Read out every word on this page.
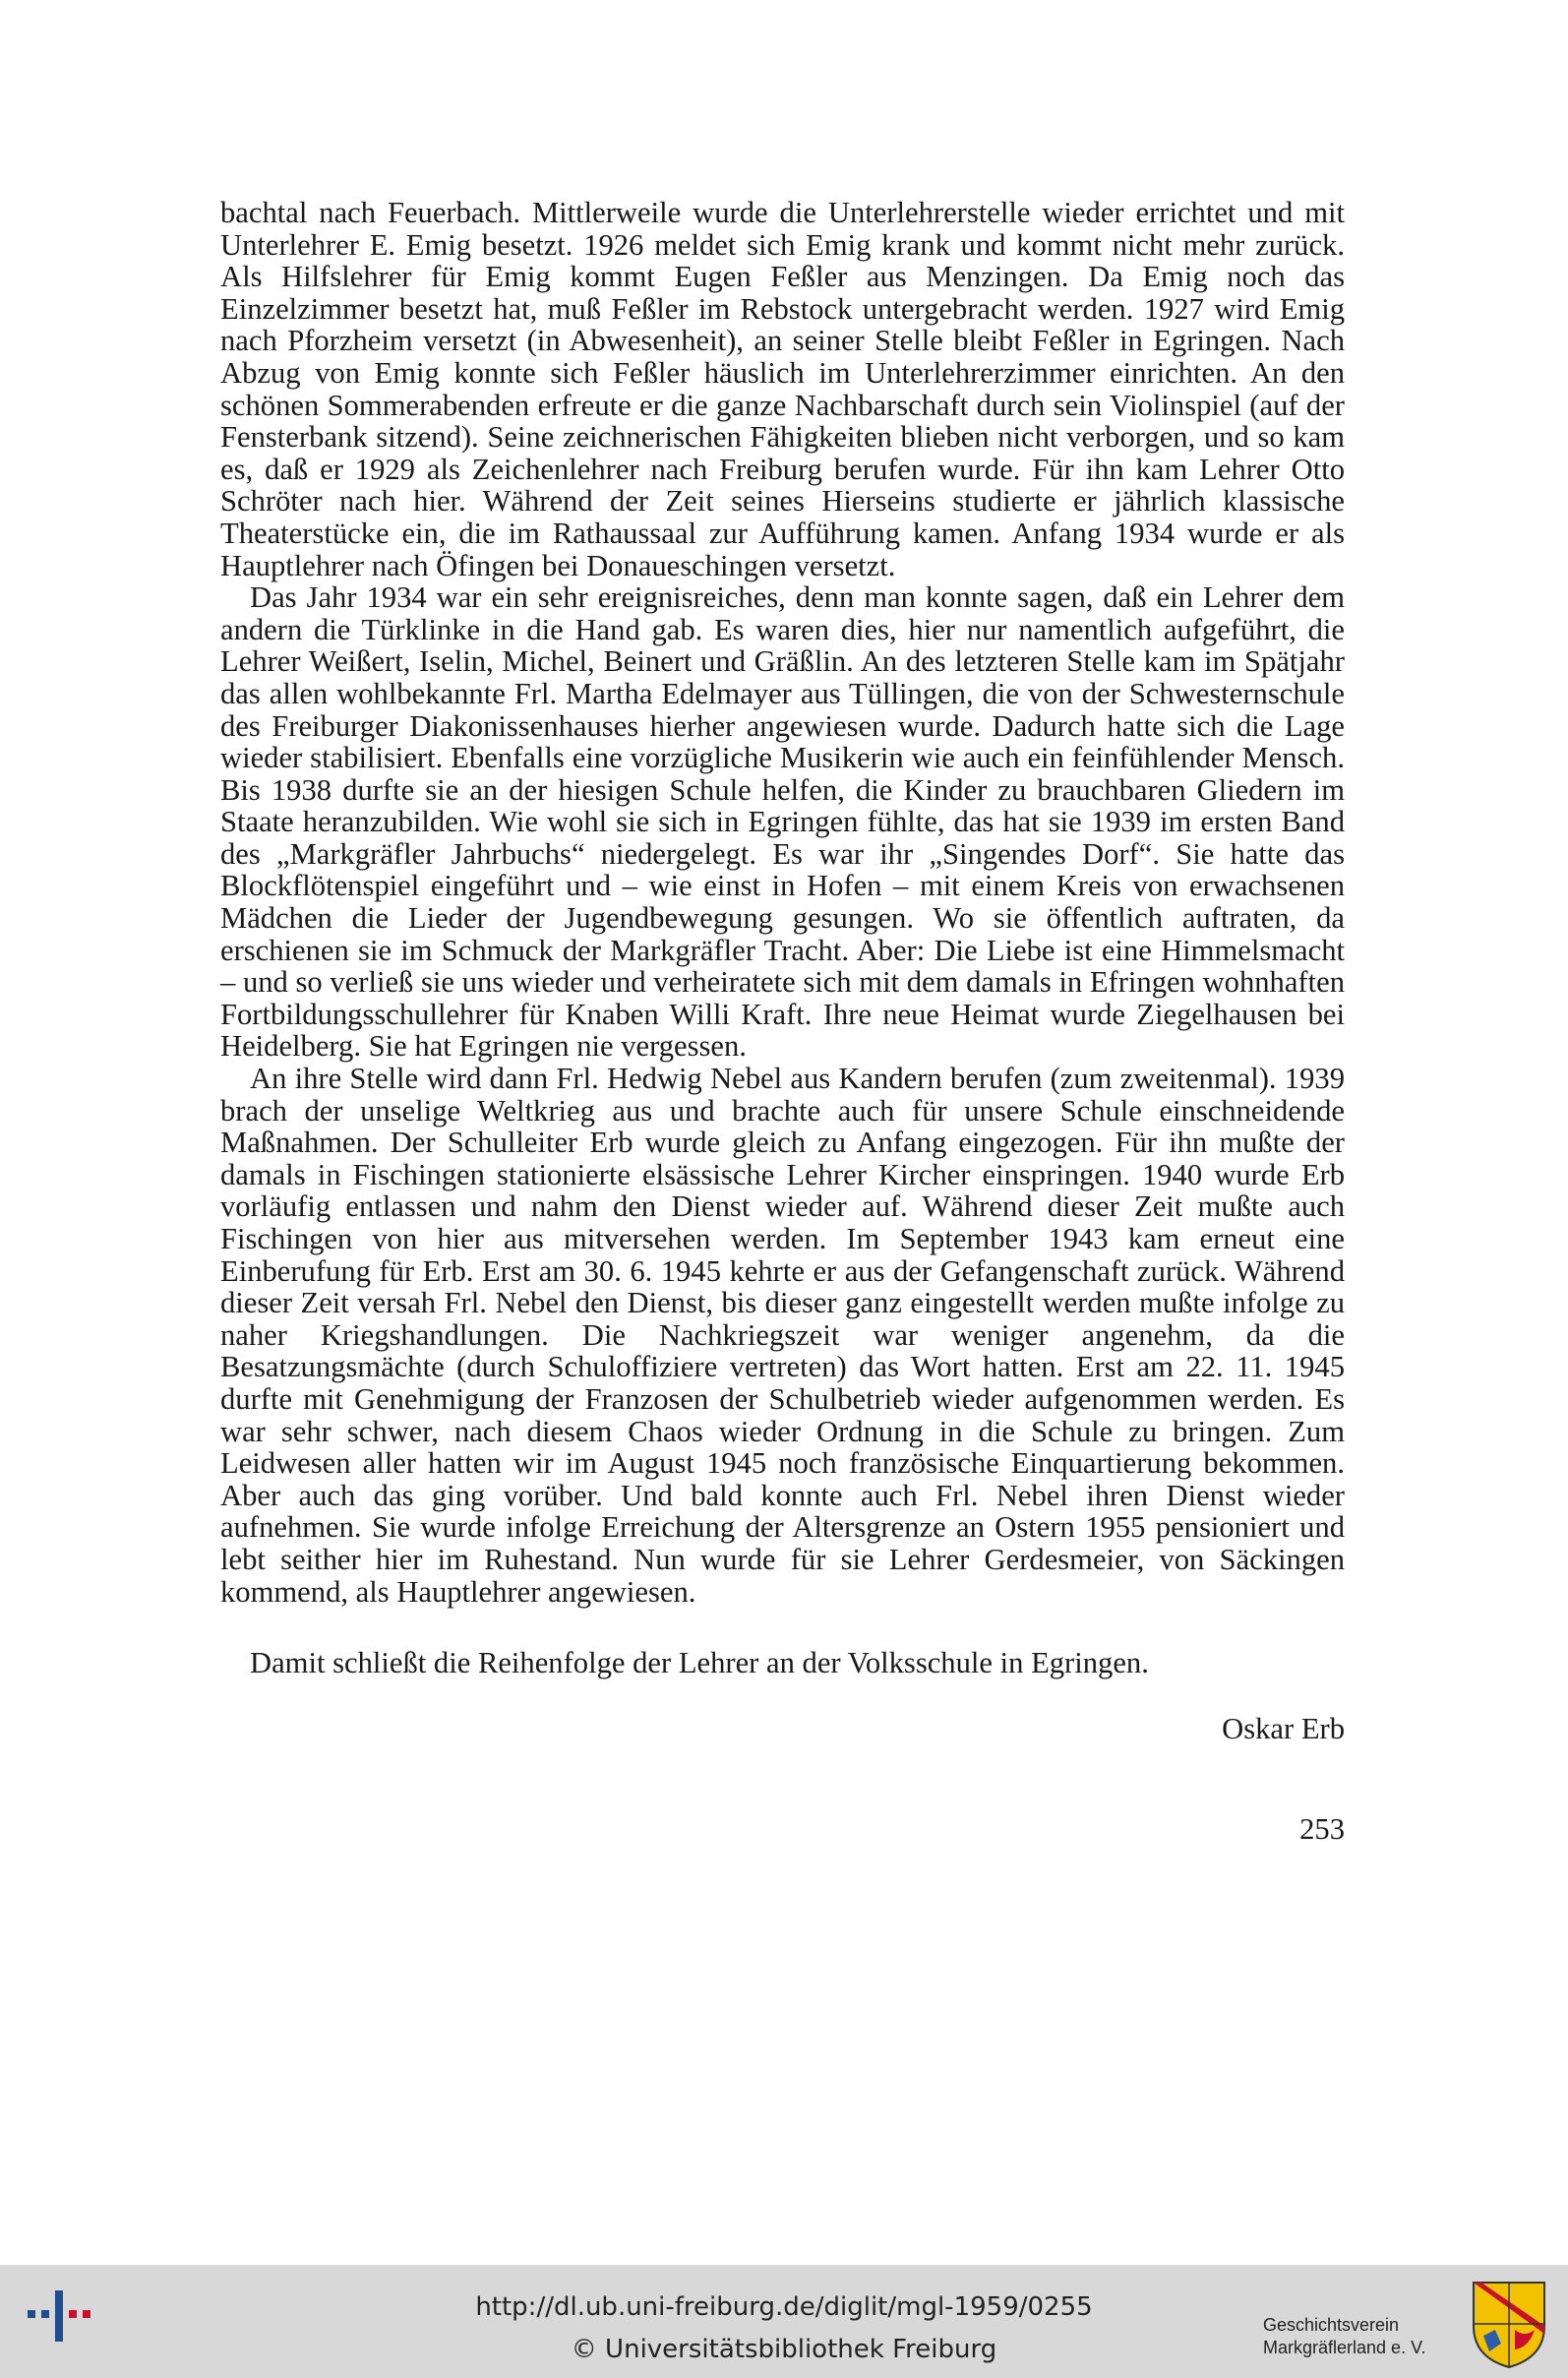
bachtal nach Feuerbach. Mittlerweile wurde die Unterlehrerstelle wieder errichtet und mit Unterlehrer E. Emig besetzt. 1926 meldet sich Emig krank und kommt nicht mehr zurück. Als Hilfslehrer für Emig kommt Eugen Feßler aus Menzingen. Da Emig noch das Einzelzimmer besetzt hat, muß Feßler im Rebstock untergebracht werden. 1927 wird Emig nach Pforzheim versetzt (in Abwesenheit), an seiner Stelle bleibt Feßler in Egringen. Nach Abzug von Emig konnte sich Feßler häuslich im Unterlehrerzimmer einrichten. An den schönen Sommerabenden erfreute er die ganze Nachbarschaft durch sein Violinspiel (auf der Fensterbank sitzend). Seine zeichnerischen Fähigkeiten blieben nicht verborgen, und so kam es, daß er 1929 als Zeichenlehrer nach Freiburg berufen wurde. Für ihn kam Lehrer Otto Schröter nach hier. Während der Zeit seines Hierseins studierte er jährlich klassische Theaterstücke ein, die im Rathaussaal zur Aufführung kamen. Anfang 1934 wurde er als Hauptlehrer nach Öfingen bei Donaueschingen versetzt.

Das Jahr 1934 war ein sehr ereignisreiches, denn man konnte sagen, daß ein Lehrer dem andern die Türklinke in die Hand gab. Es waren dies, hier nur namentlich aufgeführt, die Lehrer Weißert, Iselin, Michel, Beinert und Gräßlin. An des letzteren Stelle kam im Spätjahr das allen wohlbekannte Frl. Martha Edelmayer aus Tüllingen, die von der Schwesternschule des Freiburger Diakonissenhauses hierher angewiesen wurde. Dadurch hatte sich die Lage wieder stabilisiert. Ebenfalls eine vorzügliche Musikerin wie auch ein feinfühlender Mensch. Bis 1938 durfte sie an der hiesigen Schule helfen, die Kinder zu brauchbaren Gliedern im Staate heranzubilden. Wie wohl sie sich in Egringen fühlte, das hat sie 1939 im ersten Band des „Markgräfler Jahrbuchs“ niedergelegt. Es war ihr „Singendes Dorf“. Sie hatte das Blockflötenspiel eingeführt und – wie einst in Hofen – mit einem Kreis von erwachsenen Mädchen die Lieder der Jugendbewegung gesungen. Wo sie öffentlich auftraten, da erschienen sie im Schmuck der Markgräfler Tracht. Aber: Die Liebe ist eine Himmelsmacht – und so verließ sie uns wieder und verheiratete sich mit dem damals in Efringen wohnhaften Fortbildungsschullehrer für Knaben Willi Kraft. Ihre neue Heimat wurde Ziegelhausen bei Heidelberg. Sie hat Egringen nie vergessen.

An ihre Stelle wird dann Frl. Hedwig Nebel aus Kandern berufen (zum zweitenmal). 1939 brach der unselige Weltkrieg aus und brachte auch für unsere Schule einschneidende Maßnahmen. Der Schulleiter Erb wurde gleich zu Anfang eingezogen. Für ihn mußte der damals in Fischingen stationierte elsässische Lehrer Kircher einspringen. 1940 wurde Erb vorläufig entlassen und nahm den Dienst wieder auf. Während dieser Zeit mußte auch Fischingen von hier aus mitversehen werden. Im September 1943 kam erneut eine Einberufung für Erb. Erst am 30. 6. 1945 kehrte er aus der Gefangenschaft zurück. Während dieser Zeit versah Frl. Nebel den Dienst, bis dieser ganz eingestellt werden mußte infolge zu naher Kriegshandlungen. Die Nachkriegszeit war weniger angenehm, da die Besatzungsmächte (durch Schuloffiziere vertreten) das Wort hatten. Erst am 22. 11. 1945 durfte mit Genehmigung der Franzosen der Schulbetrieb wieder aufgenommen werden. Es war sehr schwer, nach diesem Chaos wieder Ordnung in die Schule zu bringen. Zum Leidwesen aller hatten wir im August 1945 noch französische Einquartierung bekommen. Aber auch das ging vorüber. Und bald konnte auch Frl. Nebel ihren Dienst wieder aufnehmen. Sie wurde infolge Erreichung der Altersgrenze an Ostern 1955 pensioniert und lebt seither hier im Ruhestand. Nun wurde für sie Lehrer Gerdesmeier, von Säckingen kommend, als Hauptlehrer angewiesen.

Damit schließt die Reihenfolge der Lehrer an der Volksschule in Egringen.

Oskar Erb

253

http://dl.ub.uni-freiburg.de/diglit/mgl-1959/0255
© Universitätsbibliothek Freiburg
Geschichtsverein
Markgräflerland e. V.
